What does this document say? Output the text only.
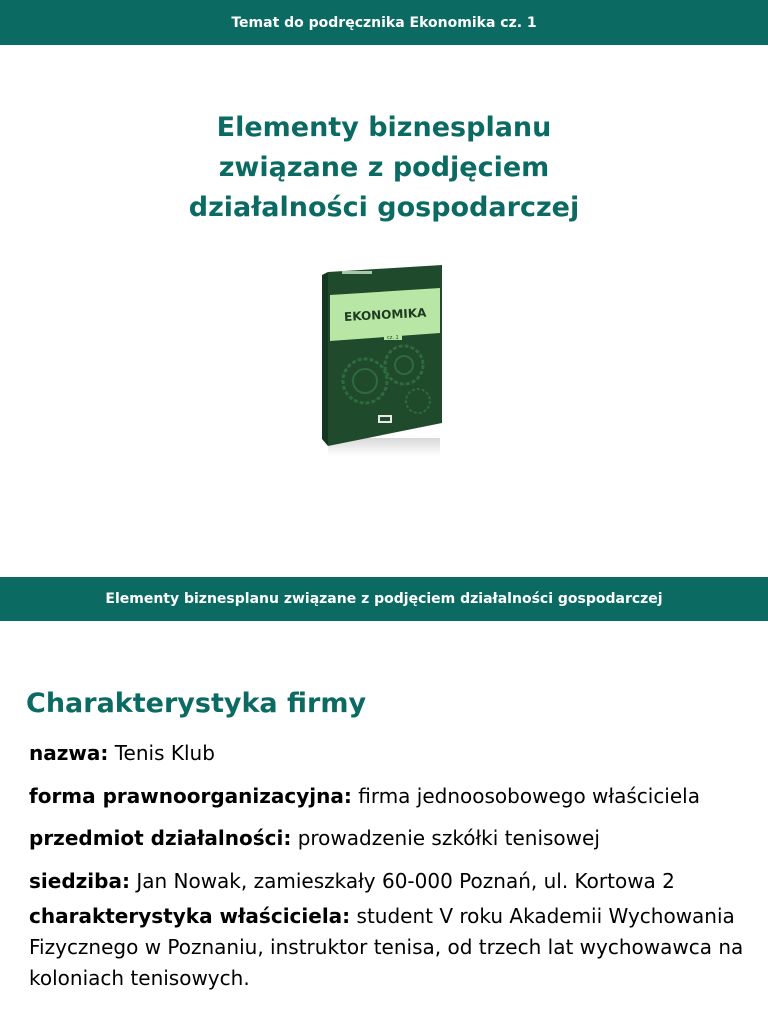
Temat do podręcznika Ekonomika cz. 1
Elementy biznesplanu
związane z podjęciem
działalności gospodarczej
EKONOMIKA
cz. 1
Elementy biznesplanu związane z podjęciem działalności gospodarczej
Charakterystyka firmy
nazwa: Tenis Klub
forma prawnoorganizacyjna: firma jednoosobowego właściciela
przedmiot działalności: prowadzenie szkółki tenisowej
siedziba: Jan Nowak, zamieszkały 60-000 Poznań, ul. Kortowa 2
charakterystyka właściciela: student V roku Akademii Wychowania Fizycznego w Poznaniu, instruktor tenisa, od trzech lat wychowawca na koloniach tenisowych.
